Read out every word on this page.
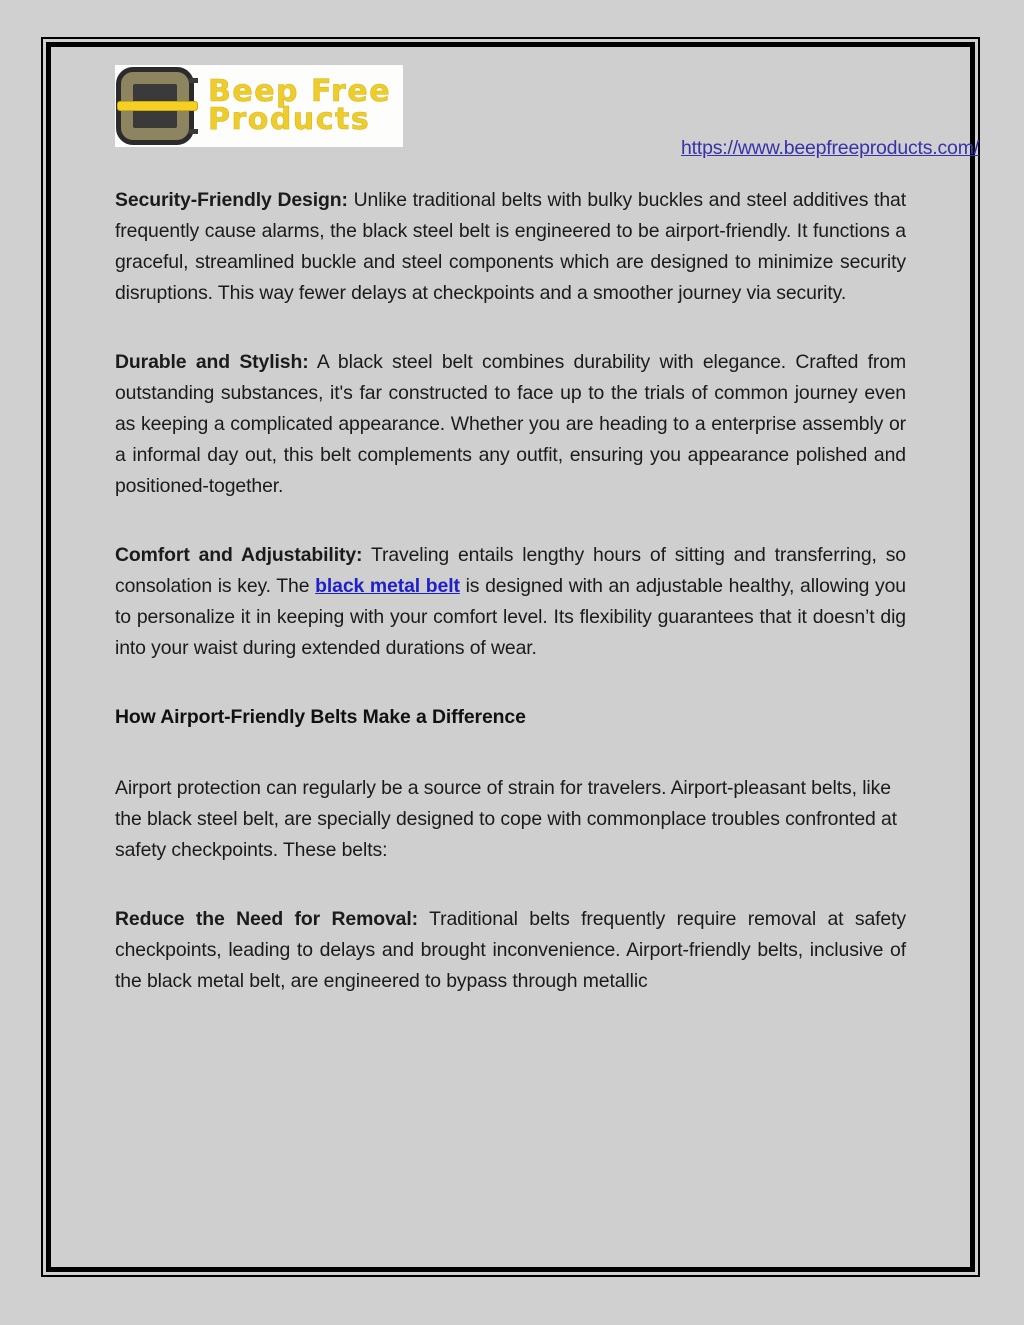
Beep Free
Products
https://www.beepfreeproducts.com/

Security-Friendly Design: Unlike traditional belts with bulky buckles and steel additives that frequently cause alarms, the black steel belt is engineered to be airport-friendly. It functions a graceful, streamlined buckle and steel components which are designed to minimize security disruptions. This way fewer delays at checkpoints and a smoother journey via security.

Durable and Stylish: A black steel belt combines durability with elegance. Crafted from outstanding substances, it's far constructed to face up to the trials of common journey even as keeping a complicated appearance. Whether you are heading to a enterprise assembly or a informal day out, this belt complements any outfit, ensuring you appearance polished and positioned-together.

Comfort and Adjustability: Traveling entails lengthy hours of sitting and transferring, so consolation is key. The black metal belt is designed with an adjustable healthy, allowing you to personalize it in keeping with your comfort level. Its flexibility guarantees that it doesn’t dig into your waist during extended durations of wear.

How Airport-Friendly Belts Make a Difference

Airport protection can regularly be a source of strain for travelers. Airport-pleasant belts, like the black steel belt, are specially designed to cope with commonplace troubles confronted at safety checkpoints. These belts:

Reduce the Need for Removal: Traditional belts frequently require removal at safety checkpoints, leading to delays and brought inconvenience. Airport-friendly belts, inclusive of the black metal belt, are engineered to bypass through metallic
